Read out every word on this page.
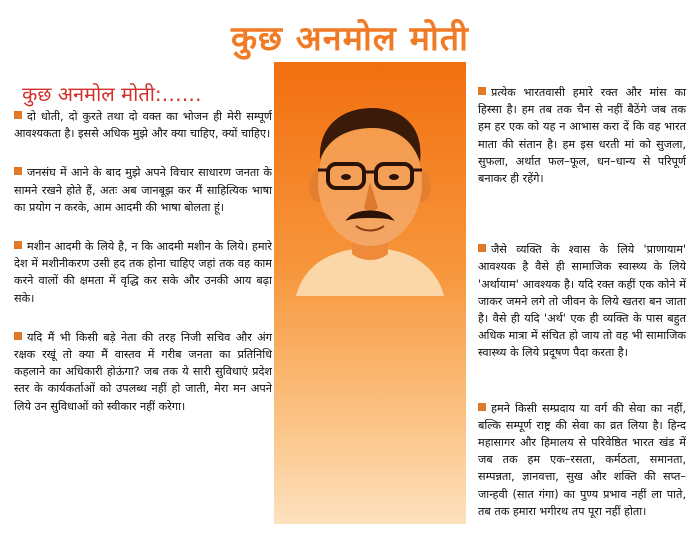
कुछ अनमोल मोती
कुछ अनमोल मोती:……

दो धोती, दो कुरते तथा दो वक्त का भोजन ही मेरी सम्पूर्ण आवश्यकता है। इससे अधिक मुझे और क्या चाहिए, क्यों चाहिए।

जनसंघ में आने के बाद मुझे अपने विचार साधारण जनता के सामने रखने होते हैं, अतः अब जानबूझ कर मैं साहित्यिक भाषा का प्रयोग न करके, आम आदमी की भाषा बोलता हूं।

मशीन आदमी के लिये है, न कि आदमी मशीन के लिये। हमारे देश में मशीनीकरण उसी हद तक होना चाहिए जहां तक वह काम करने वालों की क्षमता में वृद्धि कर सके और उनकी आय बढ़ा सके।

यदि मैं भी किसी बड़े नेता की तरह निजी सचिव और अंग रक्षक रखूं तो क्या मैं वास्तव में गरीब जनता का प्रतिनिधि कहलाने का अधिकारी होऊंगा? जब तक ये सारी सुविधाएं प्रदेश स्तर के कार्यकर्ताओं को उपलब्ध नहीं हो जाती, मेरा मन अपने लिये उन सुविधाओं को स्वीकार नहीं करेगा।

प्रत्येक भारतवासी हमारे रक्त और मांस का हिस्सा है। हम तब तक चैन से नहीं बैठेंगे जब तक हम हर एक को यह न आभास करा दें कि वह भारत माता की संतान है। हम इस धरती मां को सुजला, सुफला, अर्थात फल–फूल, धन–धान्य से परिपूर्ण बनाकर ही रहेंगे।

जैसे व्यक्ति के श्वास के लिये 'प्राणायाम' आवश्यक है वैसे ही सामाजिक स्वास्थ्य के लिये 'अर्थायाम' आवश्यक है। यदि रक्त कहीं एक कोने में जाकर जमने लगे तो जीवन के लिये खतरा बन जाता है। वैसे ही यदि 'अर्थ' एक ही व्यक्ति के पास बहुत अधिक मात्रा में संचित हो जाय तो वह भी सामाजिक स्वास्थ्य के लिये प्रदूषण पैदा करता है।

हमने किसी सम्प्रदाय या वर्ग की सेवा का नहीं, बल्कि सम्पूर्ण राष्ट्र की सेवा का व्रत लिया है। हिन्द महासागर और हिमालय से परिवेष्ठित भारत खंड में जब तक हम एक–रसता, कर्मठता, समानता, सम्पन्नता, ज्ञानवत्ता, सुख और शक्ति की सप्त–जान्हवी (सात गंगा) का पुण्य प्रभाव नहीं ला पाते, तब तक हमारा भगीरथ तप पूरा नहीं होता।
